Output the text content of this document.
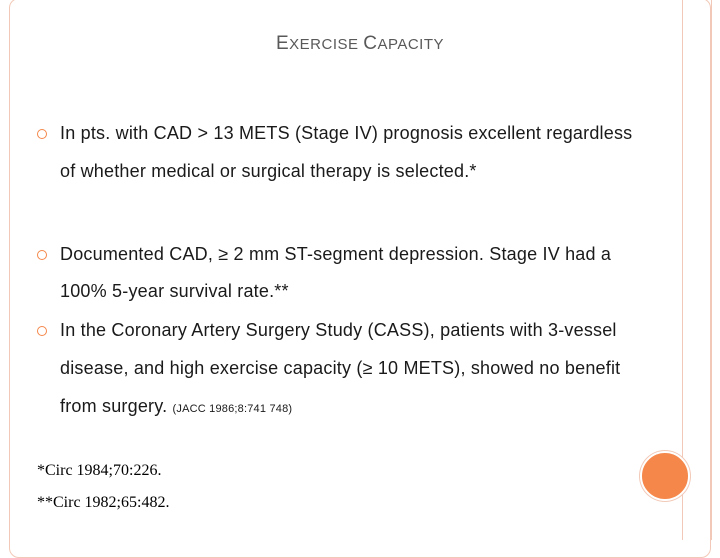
EXERCISE CAPACITY
In pts. with CAD > 13 METS (Stage IV) prognosis excellent regardless
of whether medical or surgical therapy is selected.*
Documented CAD, ≥ 2 mm ST-segment depression. Stage IV had a
100% 5-year survival rate.**
In the Coronary Artery Surgery Study (CASS), patients with 3-vessel
disease, and high exercise capacity (≥ 10 METS), showed no benefit
from surgery. (JACC 1986;8:741 748)
*Circ 1984;70:226.
**Circ 1982;65:482.
